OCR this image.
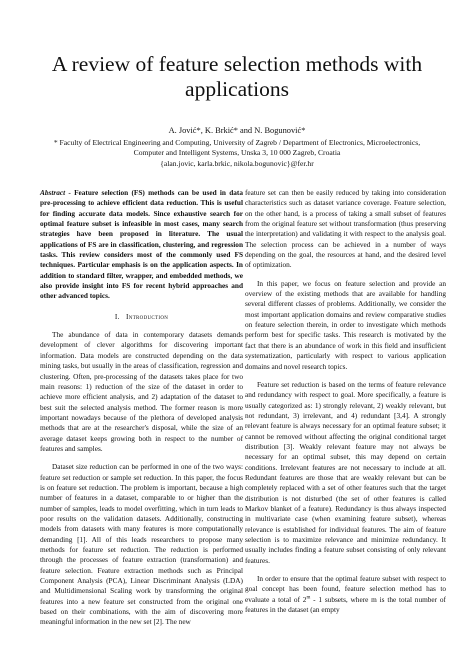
A review of feature selection methods with applications
A. Jović*, K. Brkić* and N. Bogunović*
* Faculty of Electrical Engineering and Computing, University of Zagreb / Department of Electronics, Microelectronics,
Computer and Intelligent Systems, Unska 3, 10 000 Zagreb, Croatia
{alan.jovic, karla.brkic, nikola.bogunovic}@fer.hr

Abstract - Feature selection (FS) methods can be used in data pre-processing to achieve efficient data reduction. This is useful for finding accurate data models. Since exhaustive search for optimal feature subset is infeasible in most cases, many search strategies have been proposed in literature. The usual applications of FS are in classification, clustering, and regression tasks. This review considers most of the commonly used FS techniques. Particular emphasis is on the application aspects. In addition to standard filter, wrapper, and embedded methods, we also provide insight into FS for recent hybrid approaches and other advanced topics.

I. Introduction

The abundance of data in contemporary datasets demands development of clever algorithms for discovering important information. Data models are constructed depending on the data mining tasks, but usually in the areas of classification, regression and clustering. Often, pre-processing of the datasets takes place for two main reasons: 1) reduction of the size of the dataset in order to achieve more efficient analysis, and 2) adaptation of the dataset to best suit the selected analysis method. The former reason is more important nowadays because of the plethora of developed analysis methods that are at the researcher's disposal, while the size of an average dataset keeps growing both in respect to the number of features and samples.

Dataset size reduction can be performed in one of the two ways: feature set reduction or sample set reduction. In this paper, the focus is on feature set reduction. The problem is important, because a high number of features in a dataset, comparable to or higher than the number of samples, leads to model overfitting, which in turn leads to poor results on the validation datasets. Additionally, constructing models from datasets with many features is more computationally demanding [1]. All of this leads researchers to propose many methods for feature set reduction. The reduction is performed through the processes of feature extraction (transformation) and feature selection. Feature extraction methods such as Principal Component Analysis (PCA), Linear Discriminant Analysis (LDA) and Multidimensional Scaling work by transforming the original features into a new feature set constructed from the original one based on their combinations, with the aim of discovering more meaningful information in the new set [2]. The new

feature set can then be easily reduced by taking into consideration characteristics such as dataset variance coverage. Feature selection, on the other hand, is a process of taking a small subset of features from the original feature set without transformation (thus preserving the interpretation) and validating it with respect to the analysis goal. The selection process can be achieved in a number of ways depending on the goal, the resources at hand, and the desired level of optimization.

In this paper, we focus on feature selection and provide an overview of the existing methods that are available for handling several different classes of problems. Additionally, we consider the most important application domains and review comparative studies on feature selection therein, in order to investigate which methods perform best for specific tasks. This research is motivated by the fact that there is an abundance of work in this field and insufficient systematization, particularly with respect to various application domains and novel research topics.

Feature set reduction is based on the terms of feature relevance and redundancy with respect to goal. More specifically, a feature is usually categorized as: 1) strongly relevant, 2) weakly relevant, but not redundant, 3) irrelevant, and 4) redundant [3,4]. A strongly relevant feature is always necessary for an optimal feature subset; it cannot be removed without affecting the original conditional target distribution [3]. Weakly relevant feature may not always be necessary for an optimal subset, this may depend on certain conditions. Irrelevant features are not necessary to include at all. Redundant features are those that are weakly relevant but can be completely replaced with a set of other features such that the target distribution is not disturbed (the set of other features is called Markov blanket of a feature). Redundancy is thus always inspected in multivariate case (when examining feature subset), whereas relevance is established for individual features. The aim of feature selection is to maximize relevance and minimize redundancy. It usually includes finding a feature subset consisting of only relevant features.

In order to ensure that the optimal feature subset with respect to goal concept has been found, feature selection method has to evaluate a total of 2$^m$ - 1 subsets, where m is the total number of features in the dataset (an empty
